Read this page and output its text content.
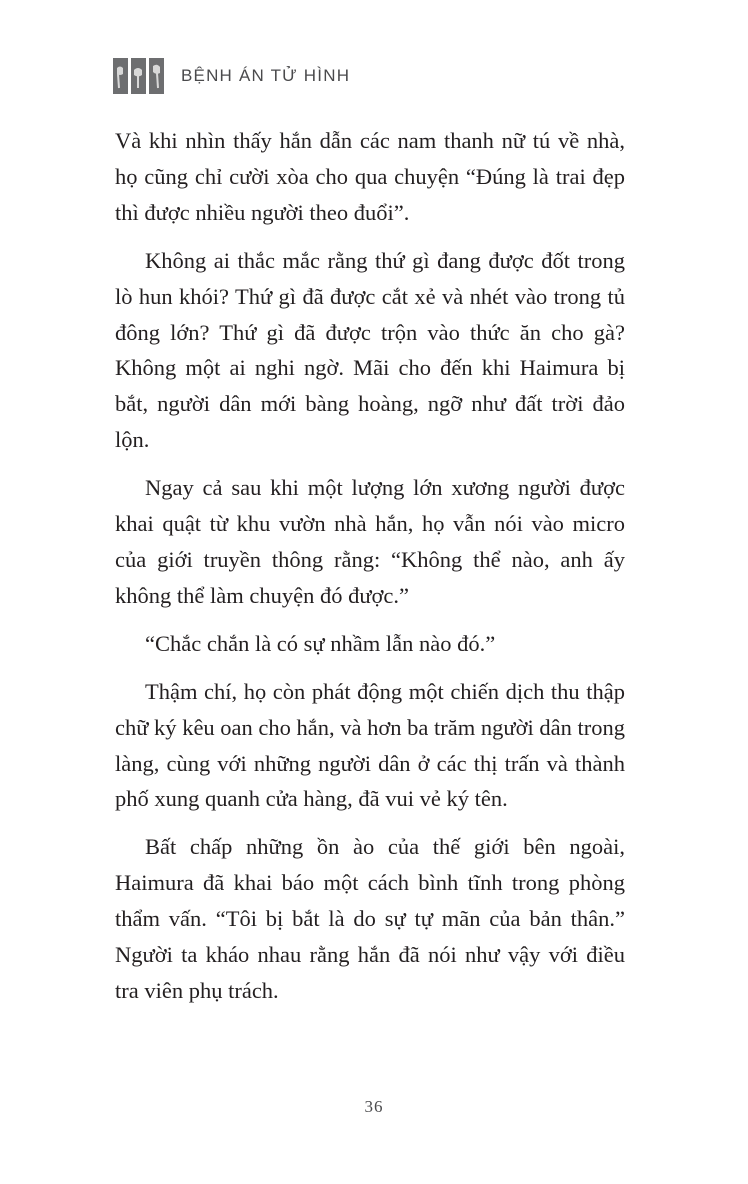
BỆNH ÁN TỬ HÌNH

Và khi nhìn thấy hắn dẫn các nam thanh nữ tú về nhà, họ cũng chỉ cười xòa cho qua chuyện “Đúng là trai đẹp thì được nhiều người theo đuổi”.

Không ai thắc mắc rằng thứ gì đang được đốt trong lò hun khói? Thứ gì đã được cắt xẻ và nhét vào trong tủ đông lớn? Thứ gì đã được trộn vào thức ăn cho gà? Không một ai nghi ngờ. Mãi cho đến khi Haimura bị bắt, người dân mới bàng hoàng, ngỡ như đất trời đảo lộn.

Ngay cả sau khi một lượng lớn xương người được khai quật từ khu vườn nhà hắn, họ vẫn nói vào micro của giới truyền thông rằng: “Không thể nào, anh ấy không thể làm chuyện đó được.”

“Chắc chắn là có sự nhầm lẫn nào đó.”

Thậm chí, họ còn phát động một chiến dịch thu thập chữ ký kêu oan cho hắn, và hơn ba trăm người dân trong làng, cùng với những người dân ở các thị trấn và thành phố xung quanh cửa hàng, đã vui vẻ ký tên.

Bất chấp những ồn ào của thế giới bên ngoài, Haimura đã khai báo một cách bình tĩnh trong phòng thẩm vấn. “Tôi bị bắt là do sự tự mãn của bản thân.” Người ta kháo nhau rằng hắn đã nói như vậy với điều tra viên phụ trách.

36
